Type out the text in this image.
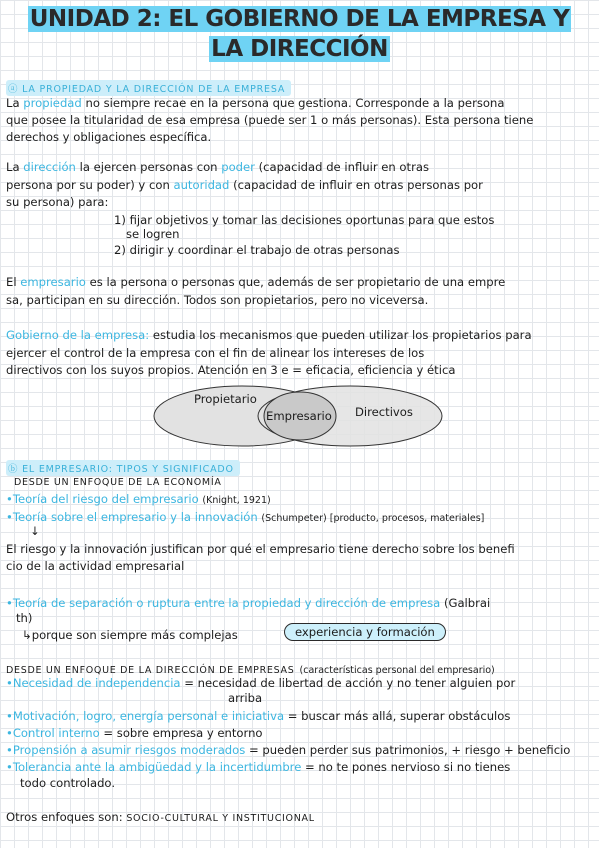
UNIDAD 2: EL GOBIERNO DE LA EMPRESA Y
LA DIRECCIÓN
ⓐ LA PROPIEDAD Y LA DIRECCIÓN DE LA EMPRESA
La propiedad no siempre recae en la persona que gestiona. Corresponde a la persona
que posee la titularidad de esa empresa (puede ser 1 o más personas). Esta persona tiene
derechos y obligaciones específica.
La dirección la ejercen personas con poder (capacidad de influir en otras
persona por su poder) y con autoridad (capacidad de influir en otras personas por
su persona) para:
1) fijar objetivos y tomar las decisiones oportunas para que estos
se logren
2) dirigir y coordinar el trabajo de otras personas
El empresario es la persona o personas que, además de ser propietario de una empre
sa, participan en su dirección. Todos son propietarios, pero no viceversa.
Gobierno de la empresa: estudia los mecanismos que pueden utilizar los propietarios para
ejercer el control de la empresa con el fin de alinear los intereses de los
directivos con los suyos propios. Atención en 3 e = eficacia, eficiencia y ética
Propietario
Empresario Directivos
ⓑ EL EMPRESARIO: TIPOS Y SIGNIFICADO
DESDE UN ENFOQUE DE LA ECONOMÍA
•Teoría del riesgo del empresario (Knight, 1921)
•Teoría sobre el empresario y la innovación (Schumpeter) [producto, procesos, materiales]
↓
El riesgo y la innovación justifican por qué el empresario tiene derecho sobre los benefi
cio de la actividad empresarial
•Teoría de separación o ruptura entre la propiedad y dirección de empresa (Galbrai
th)
↳porque son siempre más complejas	experiencia y formación
DESDE UN ENFOQUE DE LA DIRECCIÓN DE EMPRESAS (características personal del empresario)
•Necesidad de independencia = necesidad de libertad de acción y no tener alguien por
arriba
•Motivación, logro, energía personal e iniciativa = buscar más allá, superar obstáculos
•Control interno = sobre empresa y entorno
•Propensión a asumir riesgos moderados = pueden perder sus patrimonios, + riesgo + beneficio
•Tolerancia ante la ambigüedad y la incertidumbre = no te pones nervioso si no tienes
todo controlado.
Otros enfoques son: SOCIO-CULTURAL Y INSTITUCIONAL
